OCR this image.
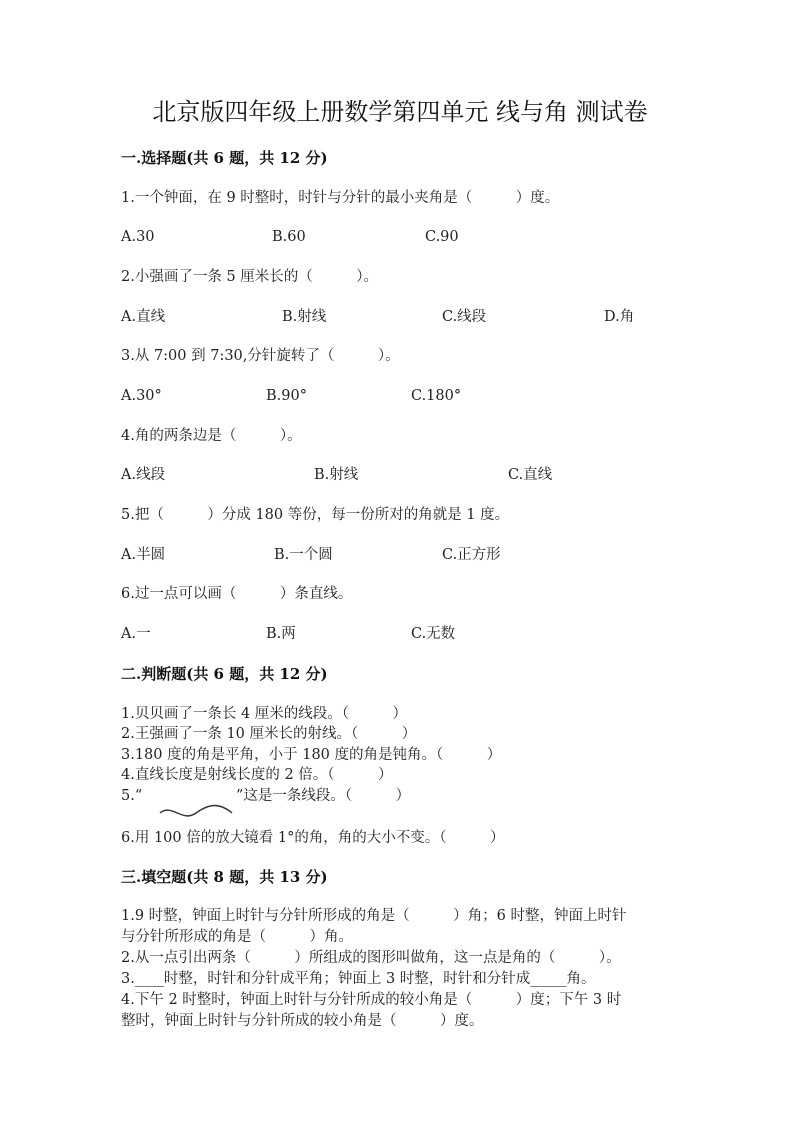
北京版四年级上册数学第四单元 线与角 测试卷
一.选择题(共 6 题，共 12 分)
1.一个钟面，在 9 时整时，时针与分针的最小夹角是（　　　）度。
A.30	B.60	C.90
2.小强画了一条 5 厘米长的（　　　）。
A.直线	B.射线	C.线段	D.角
3.从 7:00 到 7:30,分针旋转了（　　　）。
A.30°	B.90°	C.180°
4.角的两条边是（　　　）。
A.线段	B.射线	C.直线
5.把（　　　）分成 180 等份，每一份所对的角就是 1 度。
A.半圆	B.一个圆	C.正方形
6.过一点可以画（　　　）条直线。
A.一	B.两	C.无数
二.判断题(共 6 题，共 12 分)
1.贝贝画了一条长 4 厘米的线段。（　　　）
2.王强画了一条 10 厘米长的射线。（　　　）
3.180 度的角是平角，小于 180 度的角是钝角。（　　　）
4.直线长度是射线长度的 2 倍。（　　　）
5.“	”这是一条线段。（　　　）
6.用 100 倍的放大镜看 1°的角，角的大小不变。（　　　）
三.填空题(共 8 题，共 13 分)
1.9 时整，钟面上时针与分针所形成的角是（　　　）角；6 时整，钟面上时针
与分针所形成的角是（　　　）角。
2.从一点引出两条（　　　）所组成的图形叫做角，这一点是角的（　　　）。
3.____时整，时针和分针成平角；钟面上 3 时整，时针和分针成_____角。
4.下午 2 时整时，钟面上时针与分针所成的较小角是（　　　）度；下午 3 时
整时，钟面上时针与分针所成的较小角是（　　　）度。
